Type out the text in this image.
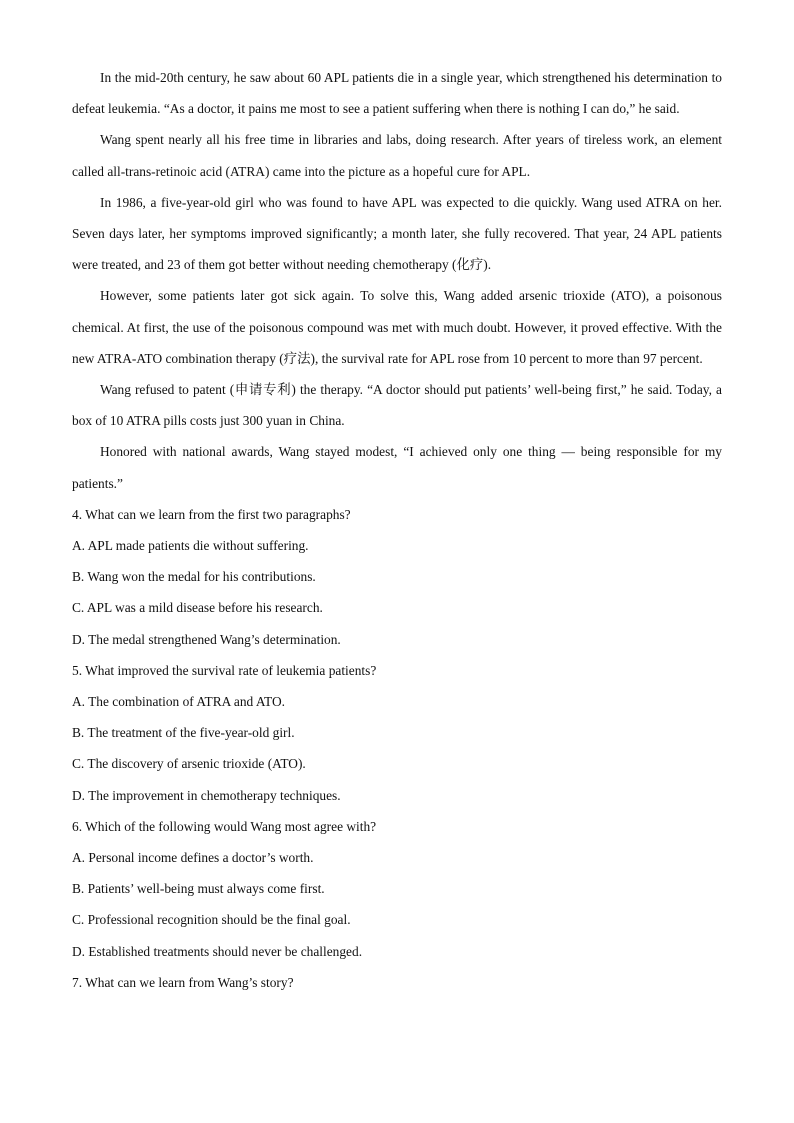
In the mid-20th century, he saw about 60 APL patients die in a single year, which strengthened his determination to defeat leukemia. “As a doctor, it pains me most to see a patient suffering when there is nothing I can do,” he said.

Wang spent nearly all his free time in libraries and labs, doing research. After years of tireless work, an element called all-trans-retinoic acid (ATRA) came into the picture as a hopeful cure for APL.

In 1986, a five-year-old girl who was found to have APL was expected to die quickly. Wang used ATRA on her. Seven days later, her symptoms improved significantly; a month later, she fully recovered. That year, 24 APL patients were treated, and 23 of them got better without needing chemotherapy (化疗).

However, some patients later got sick again. To solve this, Wang added arsenic trioxide (ATO), a poisonous chemical. At first, the use of the poisonous compound was met with much doubt. However, it proved effective. With the new ATRA-ATO combination therapy (疗法), the survival rate for APL rose from 10 percent to more than 97 percent.

Wang refused to patent (申请专利) the therapy. “A doctor should put patients’ well-being first,” he said. Today, a box of 10 ATRA pills costs just 300 yuan in China.

Honored with national awards, Wang stayed modest, “I achieved only one thing — being responsible for my patients.”

4. What can we learn from the first two paragraphs?

A. APL made patients die without suffering.

B. Wang won the medal for his contributions.

C. APL was a mild disease before his research.

D. The medal strengthened Wang’s determination.

5. What improved the survival rate of leukemia patients?

A. The combination of ATRA and ATO.

B. The treatment of the five-year-old girl.

C. The discovery of arsenic trioxide (ATO).

D. The improvement in chemotherapy techniques.

6. Which of the following would Wang most agree with?

A. Personal income defines a doctor’s worth.

B. Patients’ well-being must always come first.

C. Professional recognition should be the final goal.

D. Established treatments should never be challenged.

7. What can we learn from Wang’s story?
